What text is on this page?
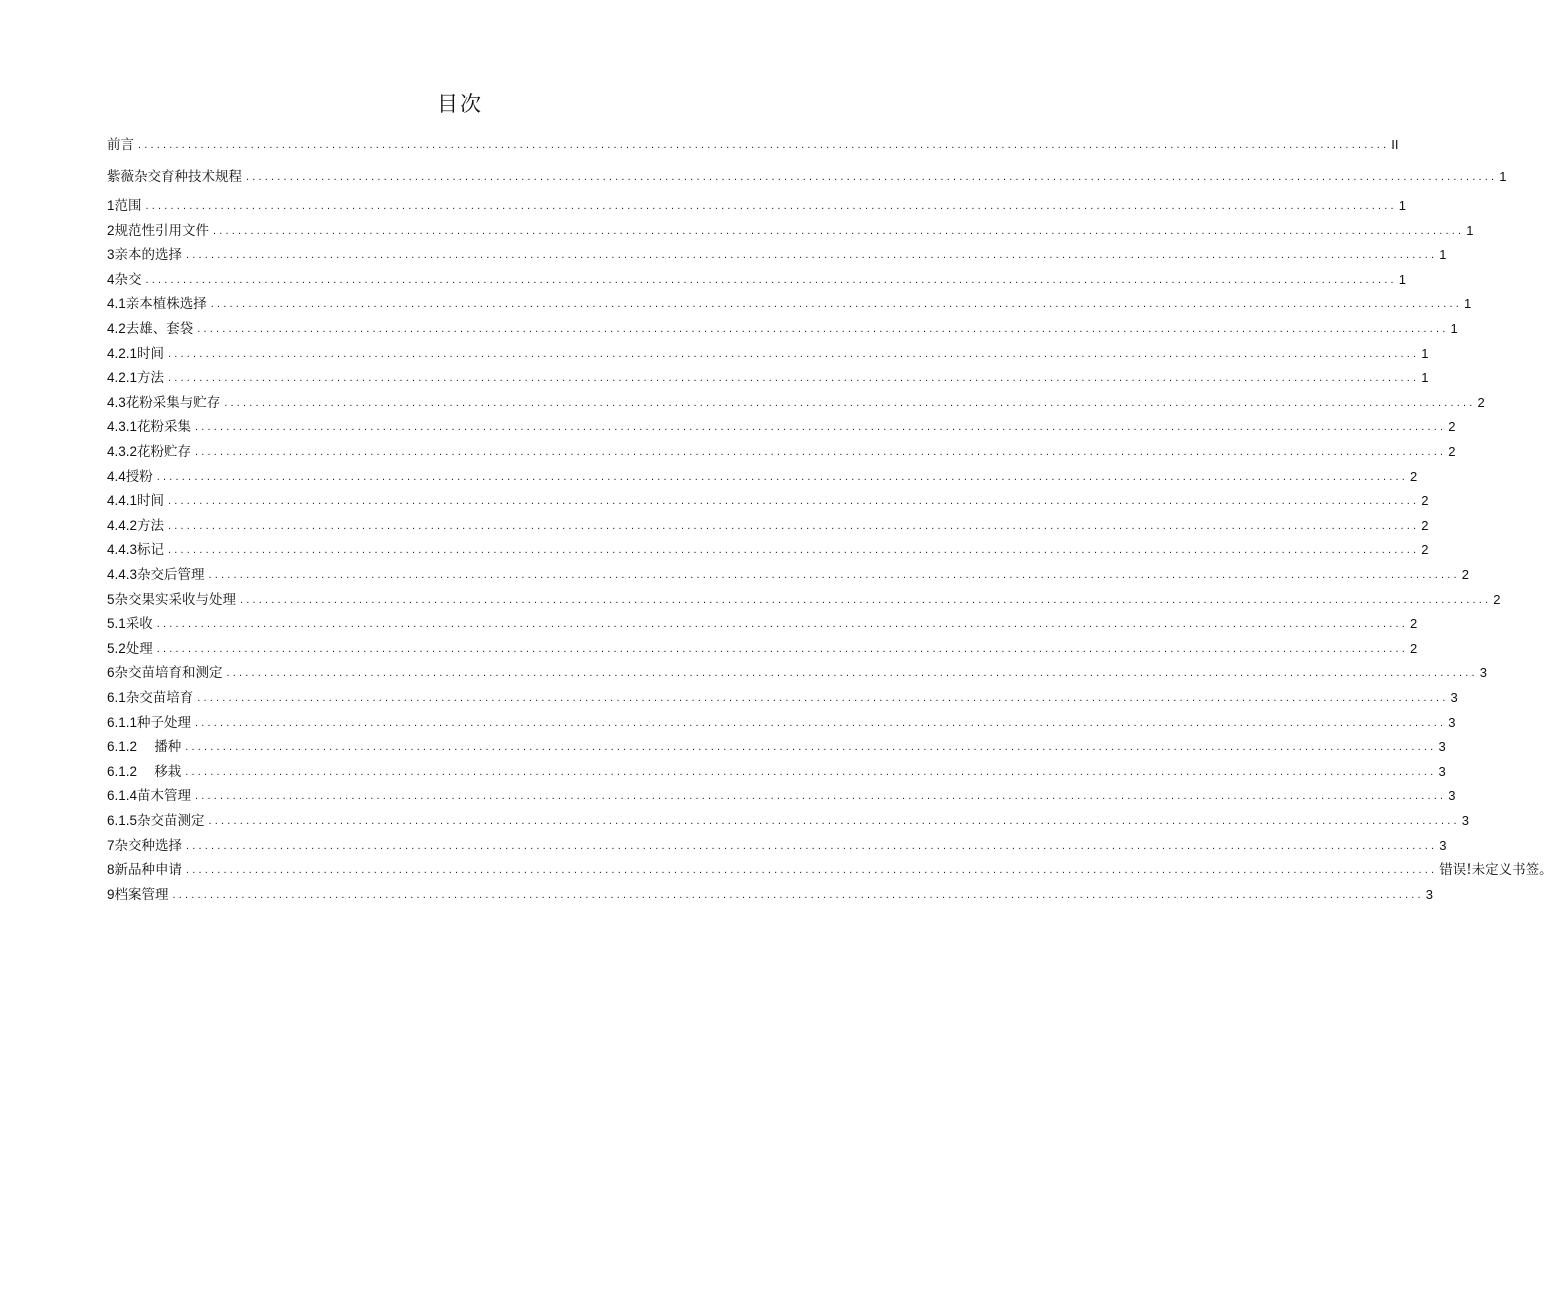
目次
前言 ........................................................................................................................................................................................................ II
紫薇杂交育种技术规程 ........................................................................................................................................................................................................ 1
1 范围 ........................................................................................................................................................................................................ 1
2 规范性引用文件 ........................................................................................................................................................................................................ 1
3 亲本的选择 ........................................................................................................................................................................................................ 1
4 杂交 ........................................................................................................................................................................................................ 1
4.1 亲本植株选择 ........................................................................................................................................................................................................ 1
4.2 去雄、套袋 ........................................................................................................................................................................................................ 1
4.2.1 时间 ........................................................................................................................................................................................................ 1
4.2.1 方法 ........................................................................................................................................................................................................ 1
4.3 花粉采集与贮存 ........................................................................................................................................................................................................ 2
4.3.1 花粉采集 ........................................................................................................................................................................................................ 2
4.3.2 花粉贮存 ........................................................................................................................................................................................................ 2
4.4 授粉 ........................................................................................................................................................................................................ 2
4.4.1 时间 ........................................................................................................................................................................................................ 2
4.4.2 方法 ........................................................................................................................................................................................................ 2
4.4.3 标记 ........................................................................................................................................................................................................ 2
4.4.3 杂交后管理 ........................................................................................................................................................................................................ 2
5 杂交果实采收与处理 ........................................................................................................................................................................................................ 2
5.1 采收 ........................................................................................................................................................................................................ 2
5.2 处理 ........................................................................................................................................................................................................ 2
6 杂交苗培育和测定 ........................................................................................................................................................................................................ 3
6.1 杂交苗培育 ........................................................................................................................................................................................................ 3
6.1.1 种子处理 ........................................................................................................................................................................................................ 3
6.1.2 播种 ........................................................................................................................................................................................................ 3
6.1.2 移栽 ........................................................................................................................................................................................................ 3
6.1.4 苗木管理 ........................................................................................................................................................................................................ 3
6.1.5 杂交苗测定 ........................................................................................................................................................................................................ 3
7 杂交种选择 ........................................................................................................................................................................................................ 3
8 新品种申请 ........................................................................................................................................................................................................ 错误!未定义书签。
9 档案管理 ........................................................................................................................................................................................................ 3
